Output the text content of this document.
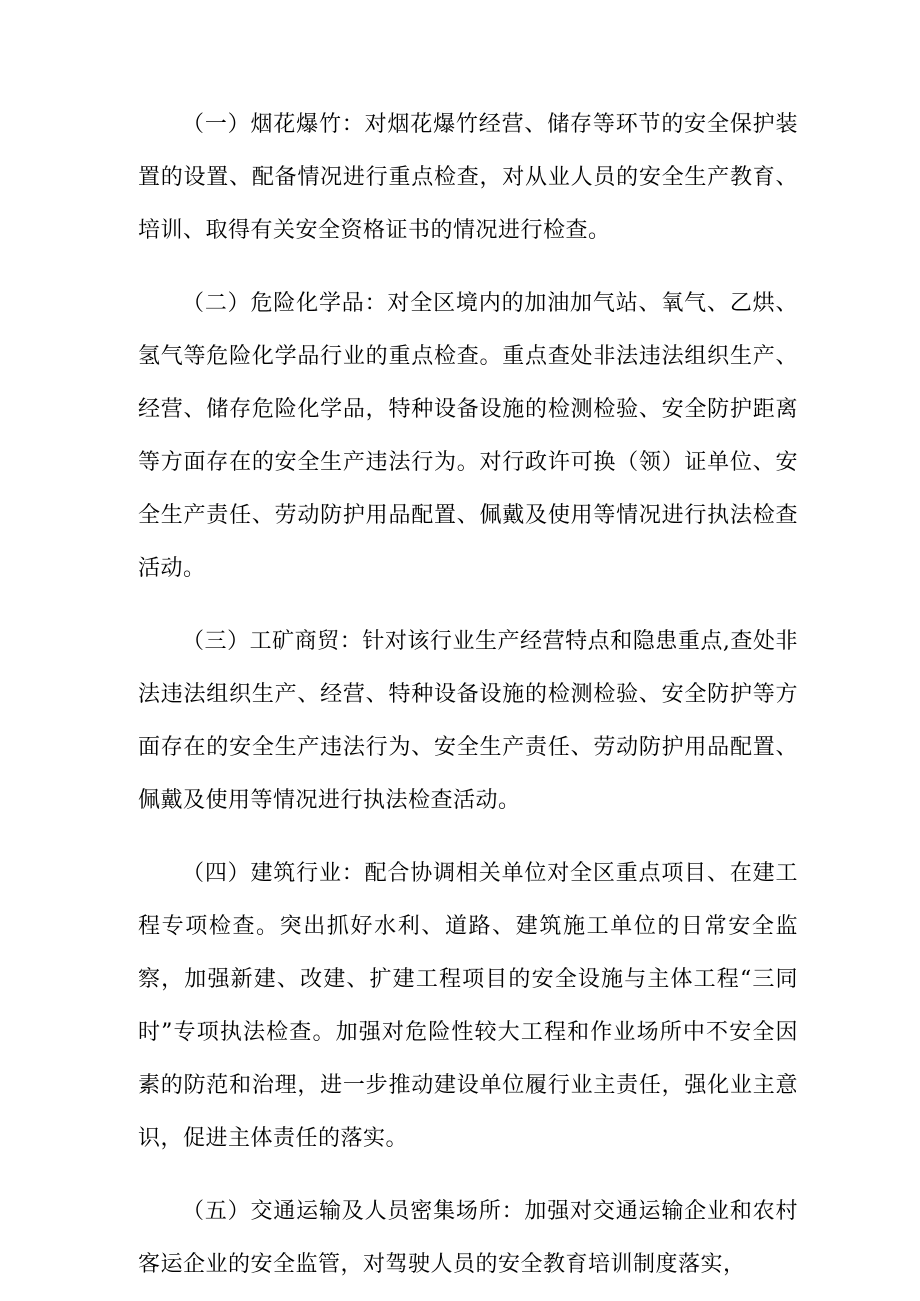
（一）烟花爆竹：对烟花爆竹经营、储存等环节的安全保护装置的设置、配备情况进行重点检查，对从业人员的安全生产教育、培训、取得有关安全资格证书的情况进行检查。

（二）危险化学品：对全区境内的加油加气站、氧气、乙烘、氢气等危险化学品行业的重点检查。重点查处非法违法组织生产、经营、储存危险化学品，特种设备设施的检测检验、安全防护距离等方面存在的安全生产违法行为。对行政许可换（领）证单位、安全生产责任、劳动防护用品配置、佩戴及使用等情况进行执法检查活动。

（三）工矿商贸：针对该行业生产经营特点和隐患重点,查处非法违法组织生产、经营、特种设备设施的检测检验、安全防护等方面存在的安全生产违法行为、安全生产责任、劳动防护用品配置、佩戴及使用等情况进行执法检查活动。

（四）建筑行业：配合协调相关单位对全区重点项目、在建工程专项检查。突出抓好水利、道路、建筑施工单位的日常安全监察，加强新建、改建、扩建工程项目的安全设施与主体工程“三同时”专项执法检查。加强对危险性较大工程和作业场所中不安全因素的防范和治理，进一步推动建设单位履行业主责任，强化业主意识，促进主体责任的落实。

（五）交通运输及人员密集场所：加强对交通运输企业和农村客运企业的安全监管，对驾驶人员的安全教育培训制度落实，
